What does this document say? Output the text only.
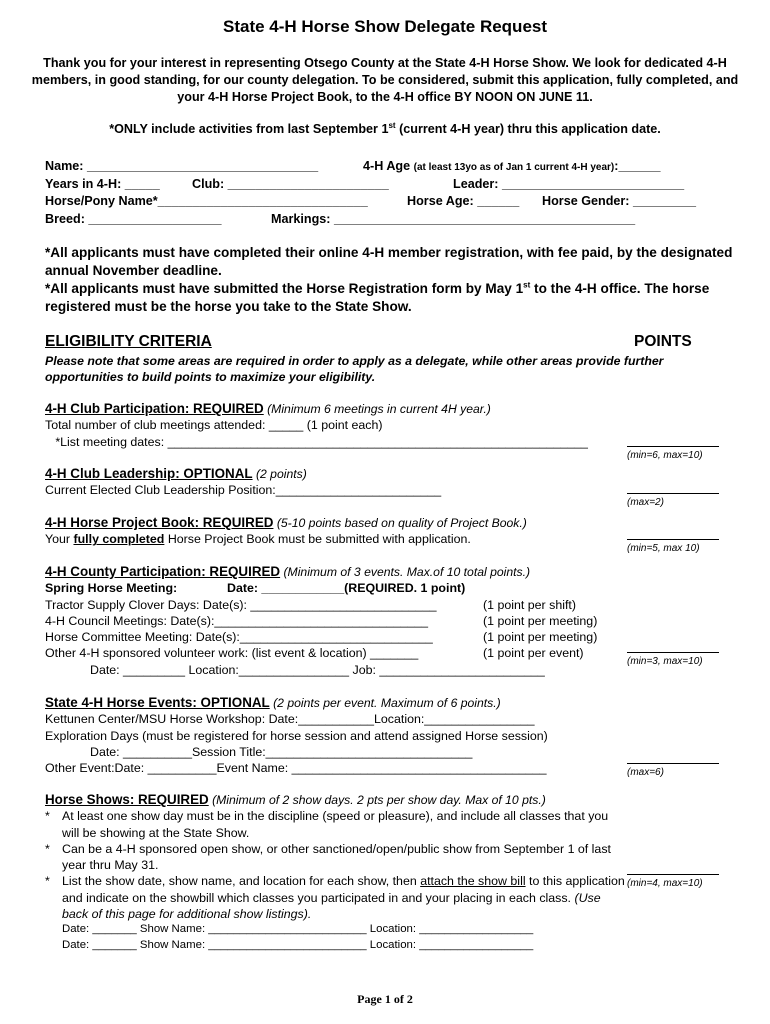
State 4-H Horse Show Delegate Request
Thank you for your interest in representing Otsego County at the State 4-H Horse Show. We look for dedicated 4-H members, in good standing, for our county delegation. To be considered, submit this application, fully completed, and your 4-H Horse Project Book, to the 4-H office BY NOON ON JUNE 11.
*ONLY include activities from last September 1st (current 4-H year) thru this application date.
Name: _________________________________	4-H Age (at least 13yo as of Jan 1 current 4-H year):______
Years in 4-H: _____	Club: _______________________	Leader: __________________________
Horse/Pony Name*______________________________	Horse Age: ______ Horse Gender: _________
Breed: ___________________	Markings: ___________________________________________
*All applicants must have completed their online 4-H member registration, with fee paid, by the designated annual November deadline.
*All applicants must have submitted the Horse Registration form by May 1st to the 4-H office. The horse registered must be the horse you take to the State Show.
ELIGIBILITY CRITERIA	POINTS
Please note that some areas are required in order to apply as a delegate, while other areas provide further opportunities to build points to maximize your eligibility.
4-H Club Participation: REQUIRED (Minimum 6 meetings in current 4H year.)
Total number of club meetings attended: _____ (1 point each)
*List meeting dates: _____________________________________________________________
(min=6, max=10)
4-H Club Leadership: OPTIONAL (2 points)
Current Elected Club Leadership Position:________________________
(max=2)
4-H Horse Project Book: REQUIRED (5-10 points based on quality of Project Book.)
Your fully completed Horse Project Book must be submitted with application.
(min=5, max 10)
4-H County Participation: REQUIRED (Minimum of 3 events. Max.of 10 total points.)
Spring Horse Meeting:	Date: ____________(REQUIRED. 1 point)
Tractor Supply Clover Days: Date(s): ___________________________	(1 point per shift)
4-H Council Meetings: Date(s):_______________________________	(1 point per meeting)
Horse Committee Meeting: Date(s):____________________________	(1 point per meeting)
Other 4-H sponsored volunteer work: (list event & location) _______	(1 point per event)
Date: _________ Location:________________ Job: ________________________
(min=3, max=10)
State 4-H Horse Events: OPTIONAL (2 points per event. Maximum of 6 points.)
Kettunen Center/MSU Horse Workshop: Date:___________Location:________________
Exploration Days (must be registered for horse session and attend assigned Horse session)
Date: __________Session Title:______________________________
Other Event:Date: __________Event Name: _____________________________________	(max=6)
Horse Shows: REQUIRED (Minimum of 2 show days. 2 pts per show day. Max of 10 pts.)
* At least one show day must be in the discipline (speed or pleasure), and include all classes that you will be showing at the State Show.
* Can be a 4-H sponsored open show, or other sanctioned/open/public show from September 1 of last year thru May 31.
* List the show date, show name, and location for each show, then attach the show bill to this application and indicate on the showbill which classes you participated in and your placing in each class. (Use back of this page for additional show listings).
Date: _______ Show Name: _________________________ Location: __________________
Date: _______ Show Name: _________________________ Location: __________________
(min=4, max=10)
Page 1 of 2
